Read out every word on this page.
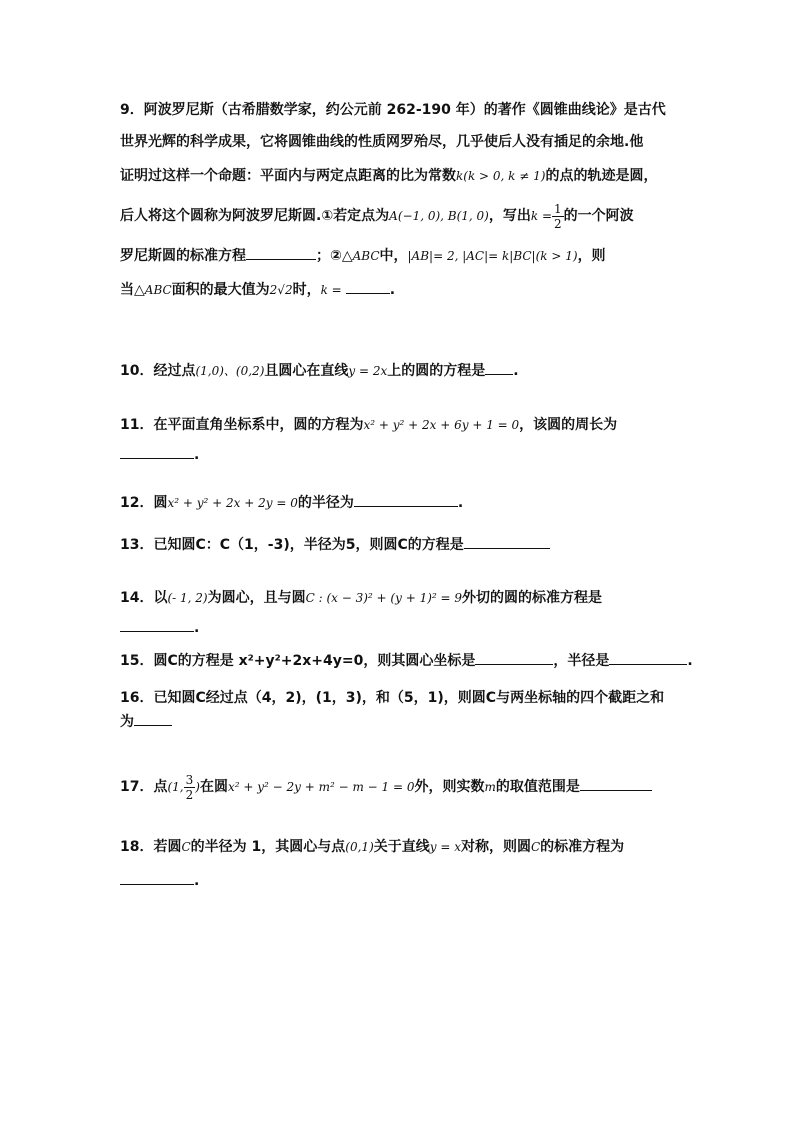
9．阿波罗尼斯（古希腊数学家，约公元前 262-190 年）的著作《圆锥曲线论》是古代
世界光辉的科学成果，它将圆锥曲线的性质网罗殆尽，几乎使后人没有插足的余地.他
证明过这样一个命题：平面内与两定点距离的比为常数k(k > 0, k ≠ 1)的点的轨迹是圆，
后人将这个圆称为阿波罗尼斯圆.①若定点为A(−1, 0), B(1, 0)，写出$k = \frac{1}{2}$ 的一个阿波
罗尼斯圆的标准方程	；②△ABC中，|AB|= 2, |AC|= k|BC|(k > 1)，则
当△ABC面积的最大值为2√2时，k =	.
10．经过点(1,0)、(0,2)且圆心在直线y = 2x上的圆的方程是 .
11．在平面直角坐标系中，圆的方程为x² + y² + 2x + 6y + 1 = 0，该圆的周长为
.
12．圆x² + y² + 2x + 2y = 0的半径为	.
13．已知圆C：C（1，-3)，半径为5，则圆C的方程是
14．以(- 1, 2)为圆心，且与圆C : (x − 3)² + (y + 1)² = 9外切的圆的标准方程是
.
15．圆C的方程是 x²+y²+2x+4y=0，则其圆心坐标是	，半径是	.
16．已知圆C经过点（4，2)，(1，3)，和（5，1)，则圆C与两坐标轴的四个截距之和
为
17．点(1, $\frac{3}{2}$ )在圆x² + y² − 2y + m² − m − 1 = 0外，则实数m的取值范围是
18．若圆C的半径为 1，其圆心与点(0,1)关于直线y = x对称，则圆C的标准方程为
.
